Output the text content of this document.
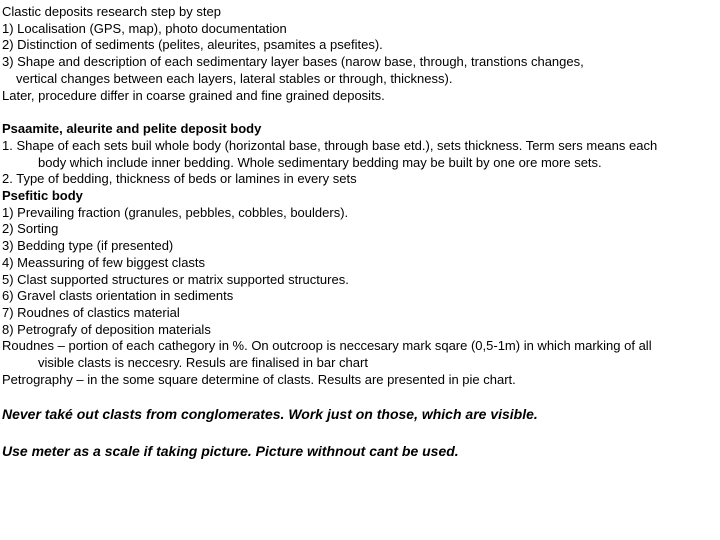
Clastic deposits research step by step
1) Localisation (GPS, map), photo documentation
2) Distinction of sediments (pelites, aleurites, psamites a psefites).
3) Shape and description of each sedimentary layer bases (narow base, through, transtions changes,
vertical changes between each layers, lateral stables or through, thickness).
Later, procedure differ in coarse grained and fine grained deposits.
Psaamite, aleurite and pelite deposit body
1. Shape of each sets buil whole body (horizontal base, through base etd.), sets thickness. Term sers means each
body which include inner bedding. Whole sedimentary bedding may be built by one ore more sets.
2. Type of bedding, thickness of beds or lamines in every sets
Psefitic body
1) Prevailing fraction (granules, pebbles, cobbles, boulders).
2) Sorting
3) Bedding type (if presented)
4) Meassuring of few biggest clasts
5) Clast supported structures or matrix supported structures.
6) Gravel clasts orientation in sediments
7) Roudnes of clastics material
8) Petrografy of deposition materials
Roudnes – portion of each cathegory in %. On outcroop is neccesary mark sqare (0,5-1m) in which marking of all
visible clasts is neccesry. Resuls are finalised in bar chart
Petrography – in the some square determine of clasts. Results are presented in pie chart.
Never také out clasts from conglomerates. Work just on those, which are visible.
Use meter as a scale if taking picture. Picture withnout cant be used.
